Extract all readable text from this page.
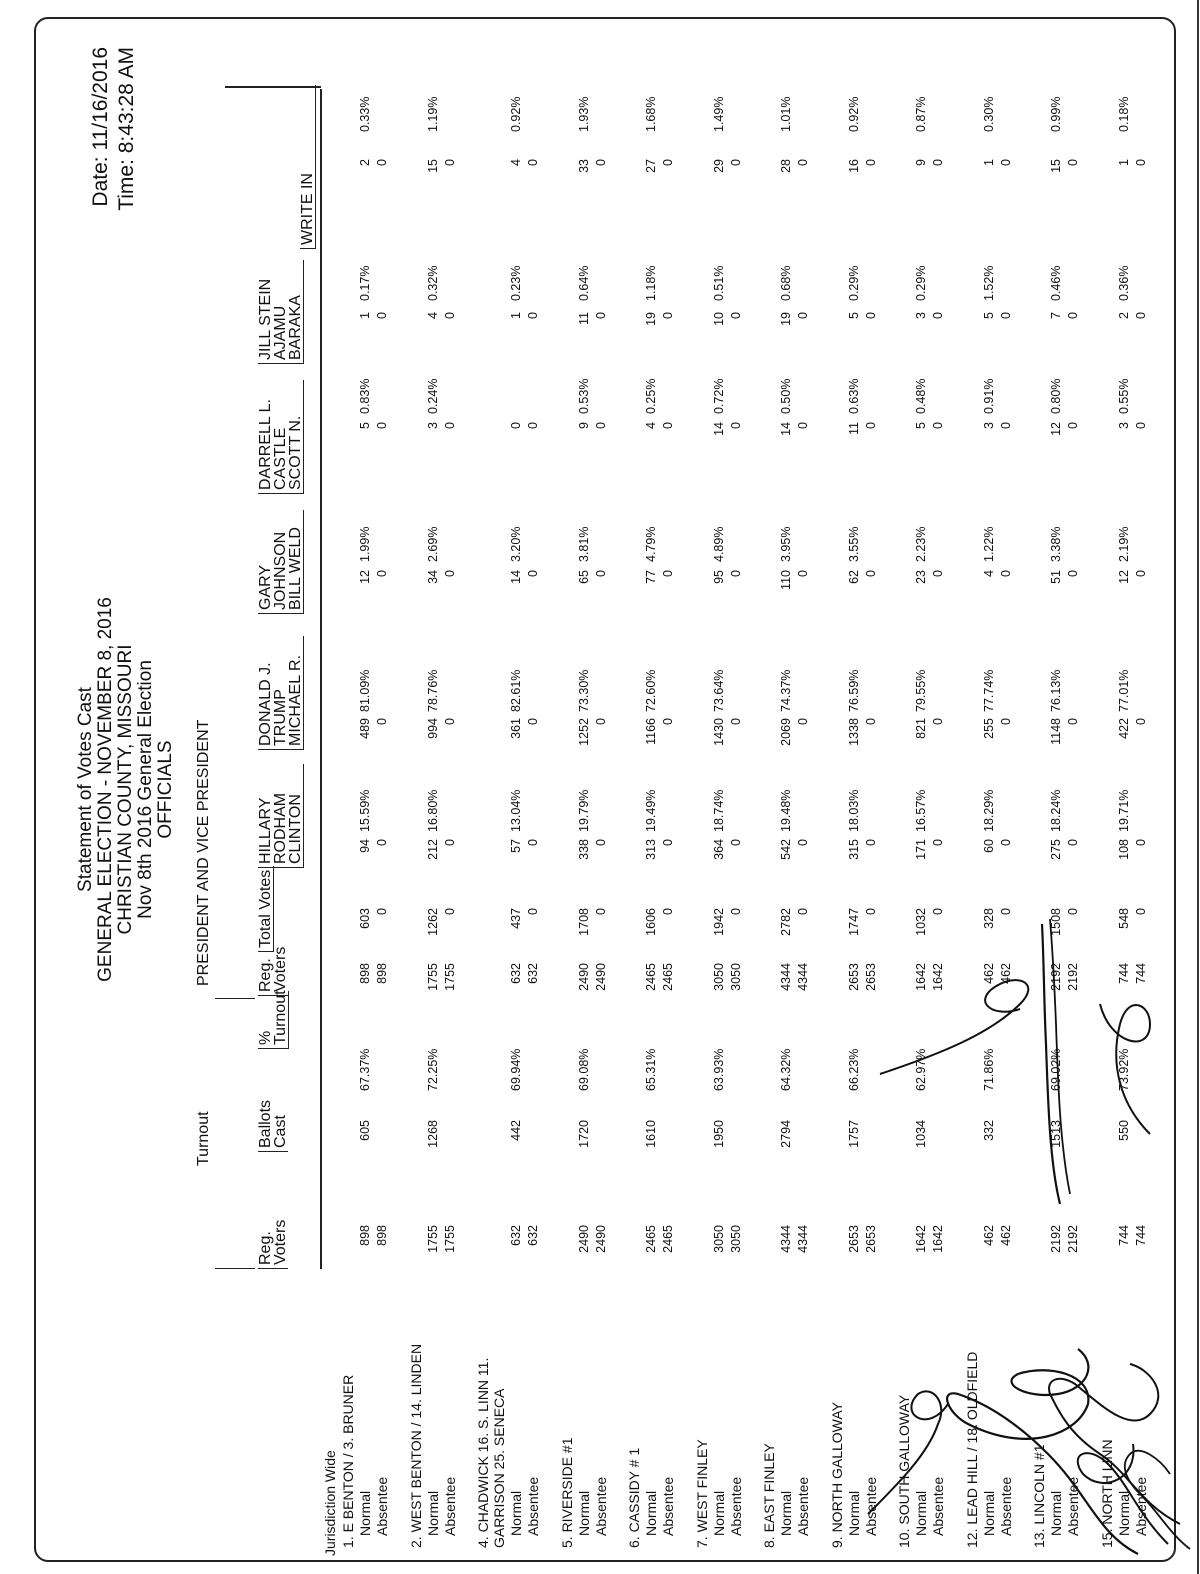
Statement of Votes Cast GENERAL ELECTION - NOVEMBER 8, 2016 CHRISTIAN COUNTY, MISSOURI Nov 8th 2016 General Election OFFICIALS
Date: 11/16/2016 Time: 8:43:28 AM
Turnout
PRESIDENT AND VICE PRESIDENT
Reg. Voters
Ballots Cast
% Turnout
Reg. Voters
Total Votes
HILLARY RODHAM CLINTON
DONALD J. TRUMP MICHAEL R.
GARY JOHNSON BILL WELD
DARRELL L. CASTLE SCOTT N.
JILL STEIN AJAMU BARAKA
WRITE IN
Jurisdiction Wide 1. E BENTON / 3. BRUNER Normal Absentee
898
605
67.37%
898
603
94
15.59%
489
81.09%
12
1.99%
5
0.83%
1
0.17%
2
0.33%
898
898
0
0
0
0
0
0
0
2. WEST BENTON / 14. LINDEN Normal Absentee
1755
1268
72.25%
1755
1262
212
16.80%
994
78.76%
34
2.69%
3
0.24%
4
0.32%
15
1.19%
1755
1755
0
0
0
0
0
0
0
4. CHADWICK 16. S. LINN 11. GARRISON 25. SENECA Normal Absentee
632
442
69.94%
632
437
57
13.04%
361
82.61%
14
3.20%
0
1
0.23%
4
0.92%
632
632
0
0
0
0
0
0
0
5. RIVERSIDE #1 Normal Absentee
2490
1720
69.08%
2490
1708
338
19.79%
1252
73.30%
65
3.81%
9
0.53%
11
0.64%
33
1.93%
2490
2490
0
0
0
0
0
0
0
6. CASSIDY # 1 Normal Absentee
2465
1610
65.31%
2465
1606
313
19.49%
1166
72.60%
77
4.79%
4
0.25%
19
1.18%
27
1.68%
2465
2465
0
0
0
0
0
0
0
7. WEST FINLEY Normal Absentee
3050
1950
63.93%
3050
1942
364
18.74%
1430
73.64%
95
4.89%
14
0.72%
10
0.51%
29
1.49%
3050
3050
0
0
0
0
0
0
0
8. EAST FINLEY Normal Absentee
4344
2794
64.32%
4344
2782
542
19.48%
2069
74.37%
110
3.95%
14
0.50%
19
0.68%
28
1.01%
4344
4344
0
0
0
0
0
0
0
9. NORTH GALLOWAY Normal Absentee
2653
1757
66.23%
2653
1747
315
18.03%
1338
76.59%
62
3.55%
11
0.63%
5
0.29%
16
0.92%
2653
2653
0
0
0
0
0
0
0
10. SOUTH GALLOWAY Normal Absentee
1642
1034
62.97%
1642
1032
171
16.57%
821
79.55%
23
2.23%
5
0.48%
3
0.29%
9
0.87%
1642
1642
0
0
0
0
0
0
0
12. LEAD HILL / 18. OLDFIELD Normal Absentee
462
332
71.86%
462
328
60
18.29%
255
77.74%
4
1.22%
3
0.91%
5
1.52%
1
0.30%
462
462
0
0
0
0
0
0
0
13. LINCOLN #1 Normal Absentee
2192
1513
69.02%
2192
1508
275
18.24%
1148
76.13%
51
3.38%
12
0.80%
7
0.46%
15
0.99%
2192
2192
0
0
0
0
0
0
0
15. NORTH LINN Normal Absentee
744
550
73.92%
744
548
108
19.71%
422
77.01%
12
2.19%
3
0.55%
2
0.36%
1
0.18%
744
744
0
0
0
0
0
0
0
